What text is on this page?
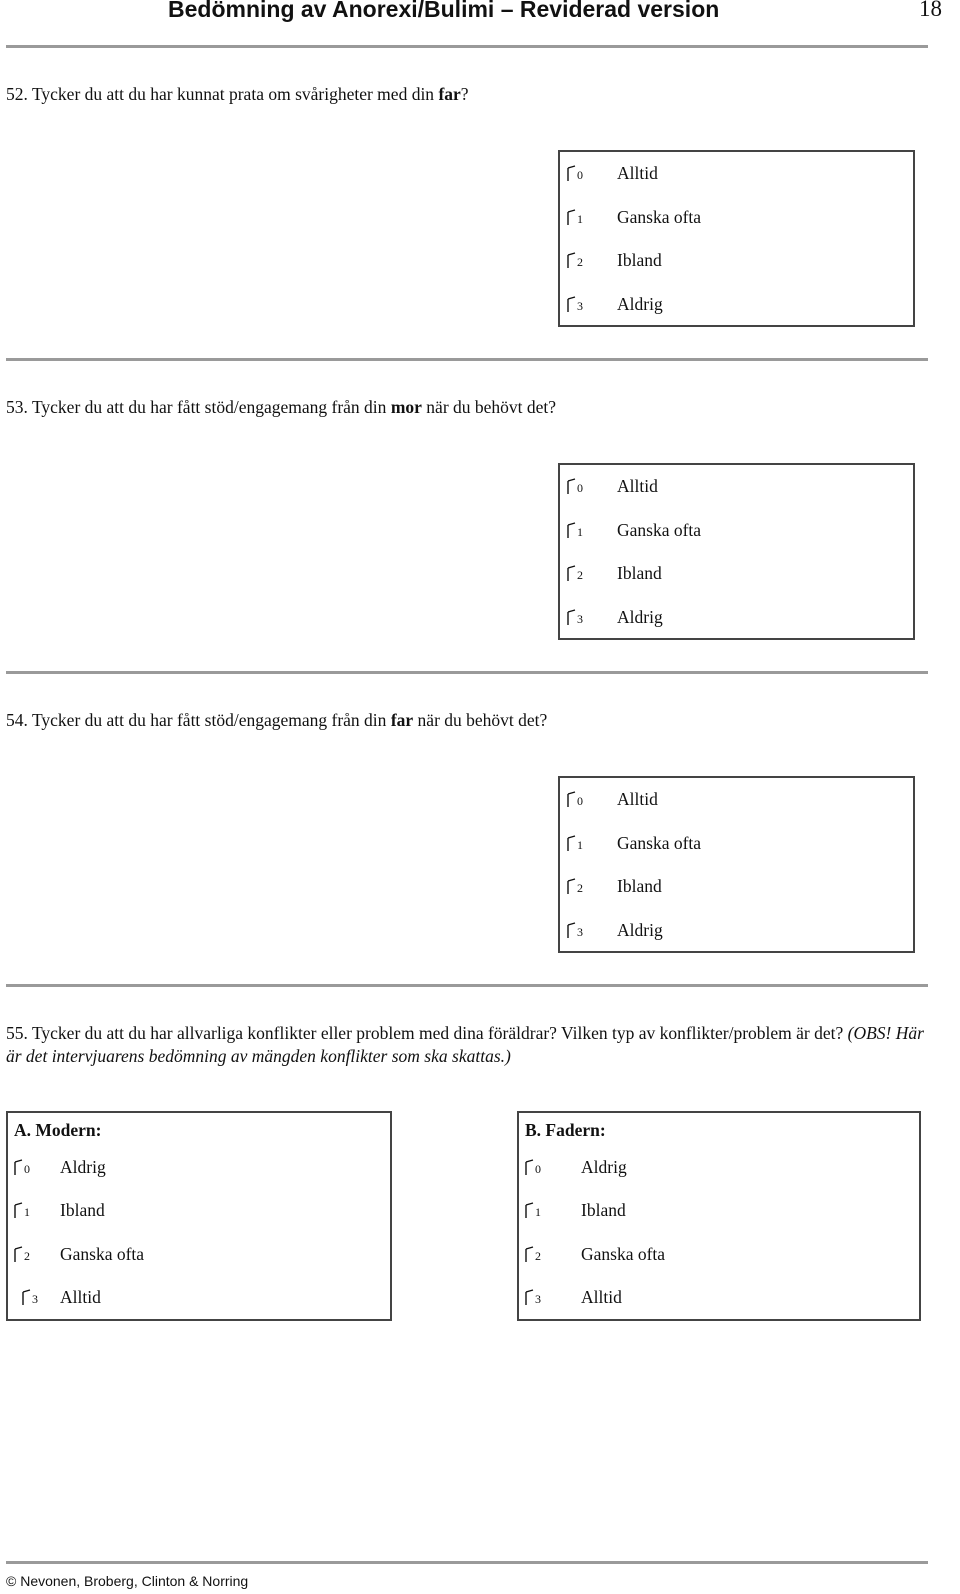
Bedömning av Anorexi/Bulimi – Reviderad version	18
52. Tycker du att du har kunnat prata om svårigheter med din far?
0 Alltid
1 Ganska ofta
2 Ibland
3 Aldrig
53. Tycker du att du har fått stöd/engagemang från din mor när du behövt det?
0 Alltid
1 Ganska ofta
2 Ibland
3 Aldrig
54. Tycker du att du har fått stöd/engagemang från din far när du behövt det?
0 Alltid
1 Ganska ofta
2 Ibland
3 Aldrig
55. Tycker du att du har allvarliga konflikter eller problem med dina föräldrar? Vilken typ av konflikter/problem är det? (OBS! Här är det intervjuarens bedömning av mängden konflikter som ska skattas.)
A. Modern:
0 Aldrig
1 Ibland
2 Ganska ofta
3 Alltid
B. Fadern:
0 Aldrig
1 Ibland
2 Ganska ofta
3 Alltid
© Nevonen, Broberg, Clinton & Norring
